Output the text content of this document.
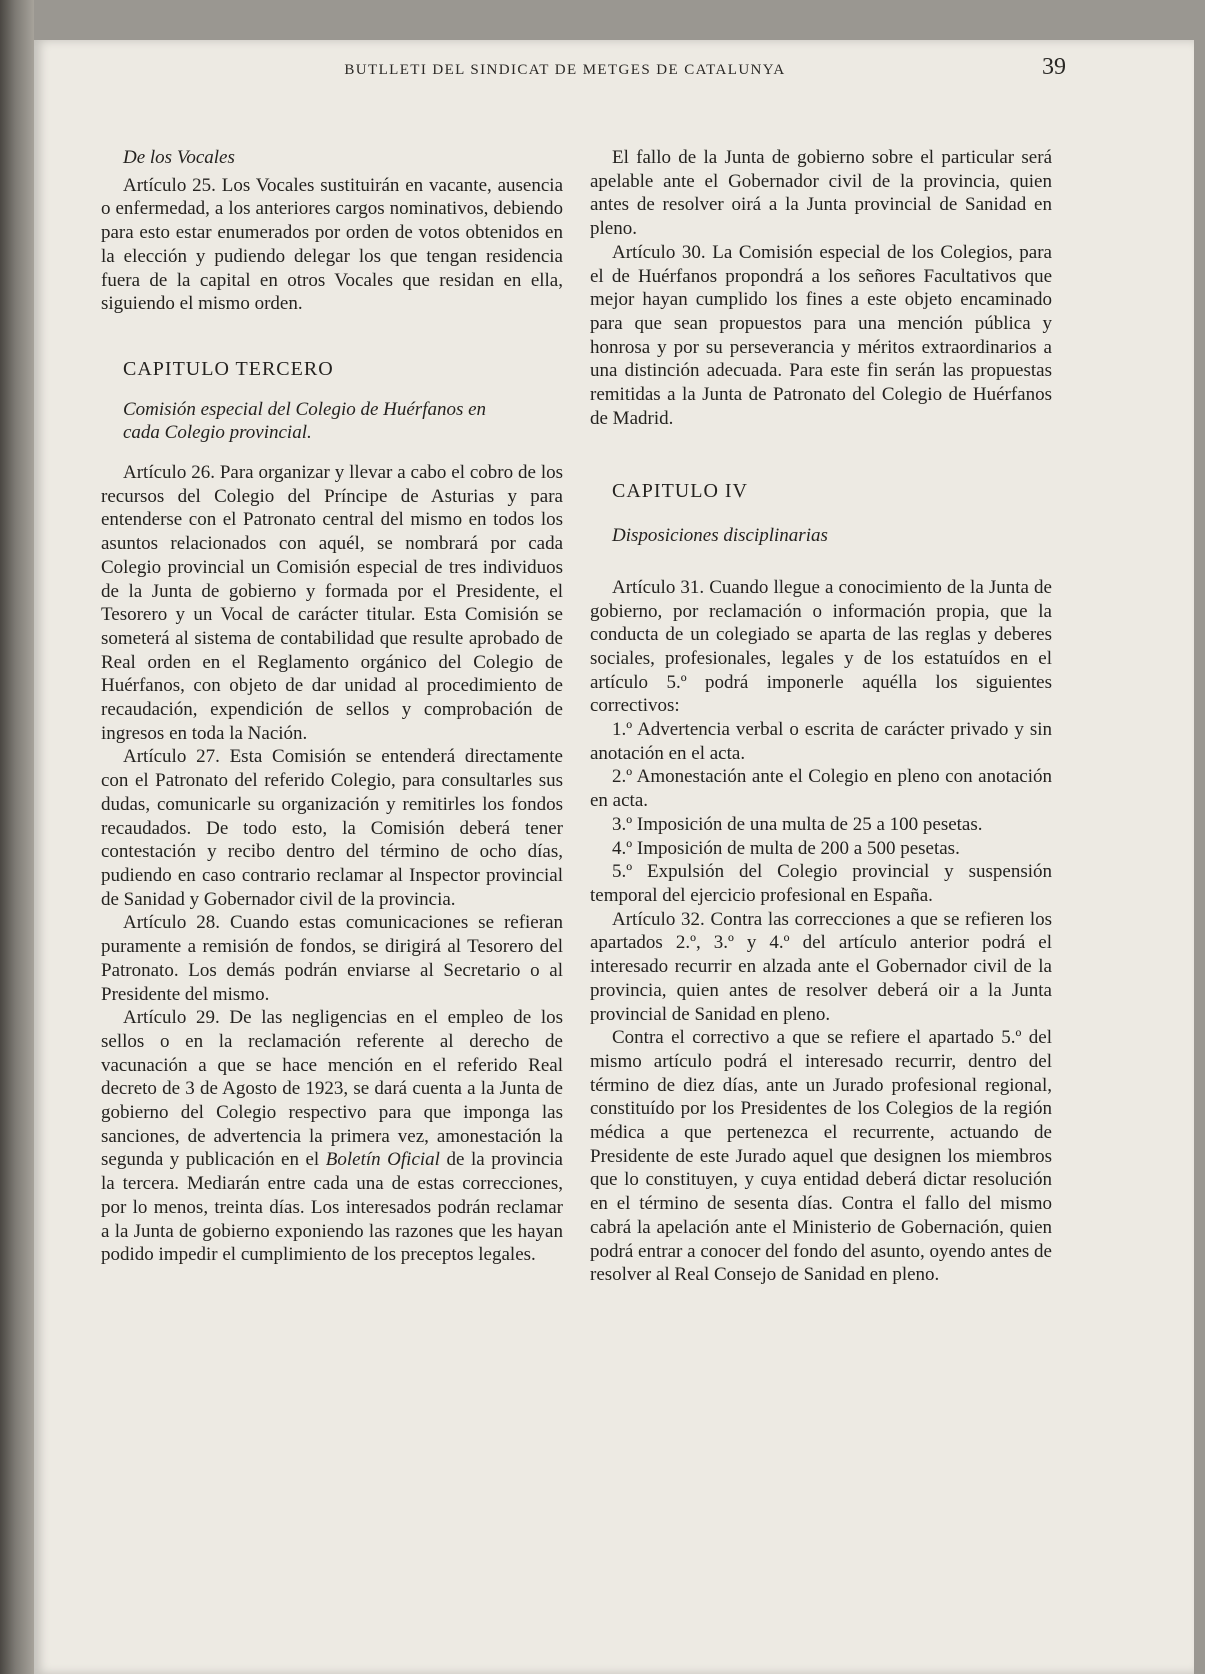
BUTLLETI DEL SINDICAT DE METGES DE CATALUNYA	39

De los Vocales

Artículo 25. Los Vocales sustituirán en vacante, ausencia o enfermedad, a los anteriores cargos nominativos, debiendo para esto estar enumerados por orden de votos obtenidos en la elección y pudiendo delegar los que tengan residencia fuera de la capital en otros Vocales que residan en ella, siguiendo el mismo orden.

CAPITULO TERCERO

Comisión especial del Colegio de Huérfanos en

cada Colegio provincial.

Artículo 26. Para organizar y llevar a cabo el cobro de los recursos del Colegio del Príncipe de Asturias y para entenderse con el Patronato central del mismo en todos los asuntos relacionados con aquél, se nombrará por cada Colegio provincial un Comisión especial de tres individuos de la Junta de gobierno y formada por el Presidente, el Tesorero y un Vocal de carácter titular. Esta Comisión se someterá al sistema de contabilidad que resulte aprobado de Real orden en el Reglamento orgánico del Colegio de Huérfanos, con objeto de dar unidad al procedimiento de recaudación, expendición de sellos y comprobación de ingresos en toda la Nación.

Artículo 27. Esta Comisión se entenderá directamente con el Patronato del referido Colegio, para consultarles sus dudas, comunicarle su organización y remitirles los fondos recaudados. De todo esto, la Comisión deberá tener contestación y recibo dentro del término de ocho días, pudiendo en caso contrario reclamar al Inspector provincial de Sanidad y Gobernador civil de la provincia.

Artículo 28. Cuando estas comunicaciones se refieran puramente a remisión de fondos, se dirigirá al Tesorero del Patronato. Los demás podrán enviarse al Secretario o al Presidente del mismo.

Artículo 29. De las negligencias en el empleo de los sellos o en la reclamación referente al derecho de vacunación a que se hace mención en el referido Real decreto de 3 de Agosto de 1923, se dará cuenta a la Junta de gobierno del Colegio respectivo para que imponga las sanciones, de advertencia la primera vez, amonestación la segunda y publicación en el Boletín Oficial de la provincia la tercera. Mediarán entre cada una de estas correcciones, por lo menos, treinta días. Los interesados podrán reclamar a la Junta de gobierno exponiendo las razones que les hayan podido impedir el cumplimiento de los preceptos legales.

El fallo de la Junta de gobierno sobre el particular será apelable ante el Gobernador civil de la provincia, quien antes de resolver oirá a la Junta provincial de Sanidad en pleno.

Artículo 30. La Comisión especial de los Colegios, para el de Huérfanos propondrá a los señores Facultativos que mejor hayan cumplido los fines a este objeto encaminado para que sean propuestos para una mención pública y honrosa y por su perseverancia y méritos extraordinarios a una distinción adecuada. Para este fin serán las propuestas remitidas a la Junta de Patronato del Colegio de Huérfanos de Madrid.

CAPITULO IV

Disposiciones disciplinarias

Artículo 31. Cuando llegue a conocimiento de la Junta de gobierno, por reclamación o información propia, que la conducta de un colegiado se aparta de las reglas y deberes sociales, profesionales, legales y de los estatuídos en el artículo 5.º podrá imponerle aquélla los siguientes correctivos:

1.º Advertencia verbal o escrita de carácter privado y sin anotación en el acta.

2.º Amonestación ante el Colegio en pleno con anotación en acta.

3.º Imposición de una multa de 25 a 100 pesetas.

4.º Imposición de multa de 200 a 500 pesetas.

5.º Expulsión del Colegio provincial y suspensión temporal del ejercicio profesional en España.

Artículo 32. Contra las correcciones a que se refieren los apartados 2.º, 3.º y 4.º del artículo anterior podrá el interesado recurrir en alzada ante el Gobernador civil de la provincia, quien antes de resolver deberá oir a la Junta provincial de Sanidad en pleno.

Contra el correctivo a que se refiere el apartado 5.º del mismo artículo podrá el interesado recurrir, dentro del término de diez días, ante un Jurado profesional regional, constituído por los Presidentes de los Colegios de la región médica a que pertenezca el recurrente, actuando de Presidente de este Jurado aquel que designen los miembros que lo constituyen, y cuya entidad deberá dictar resolución en el término de sesenta días. Contra el fallo del mismo cabrá la apelación ante el Ministerio de Gobernación, quien podrá entrar a conocer del fondo del asunto, oyendo antes de resolver al Real Consejo de Sanidad en pleno.
